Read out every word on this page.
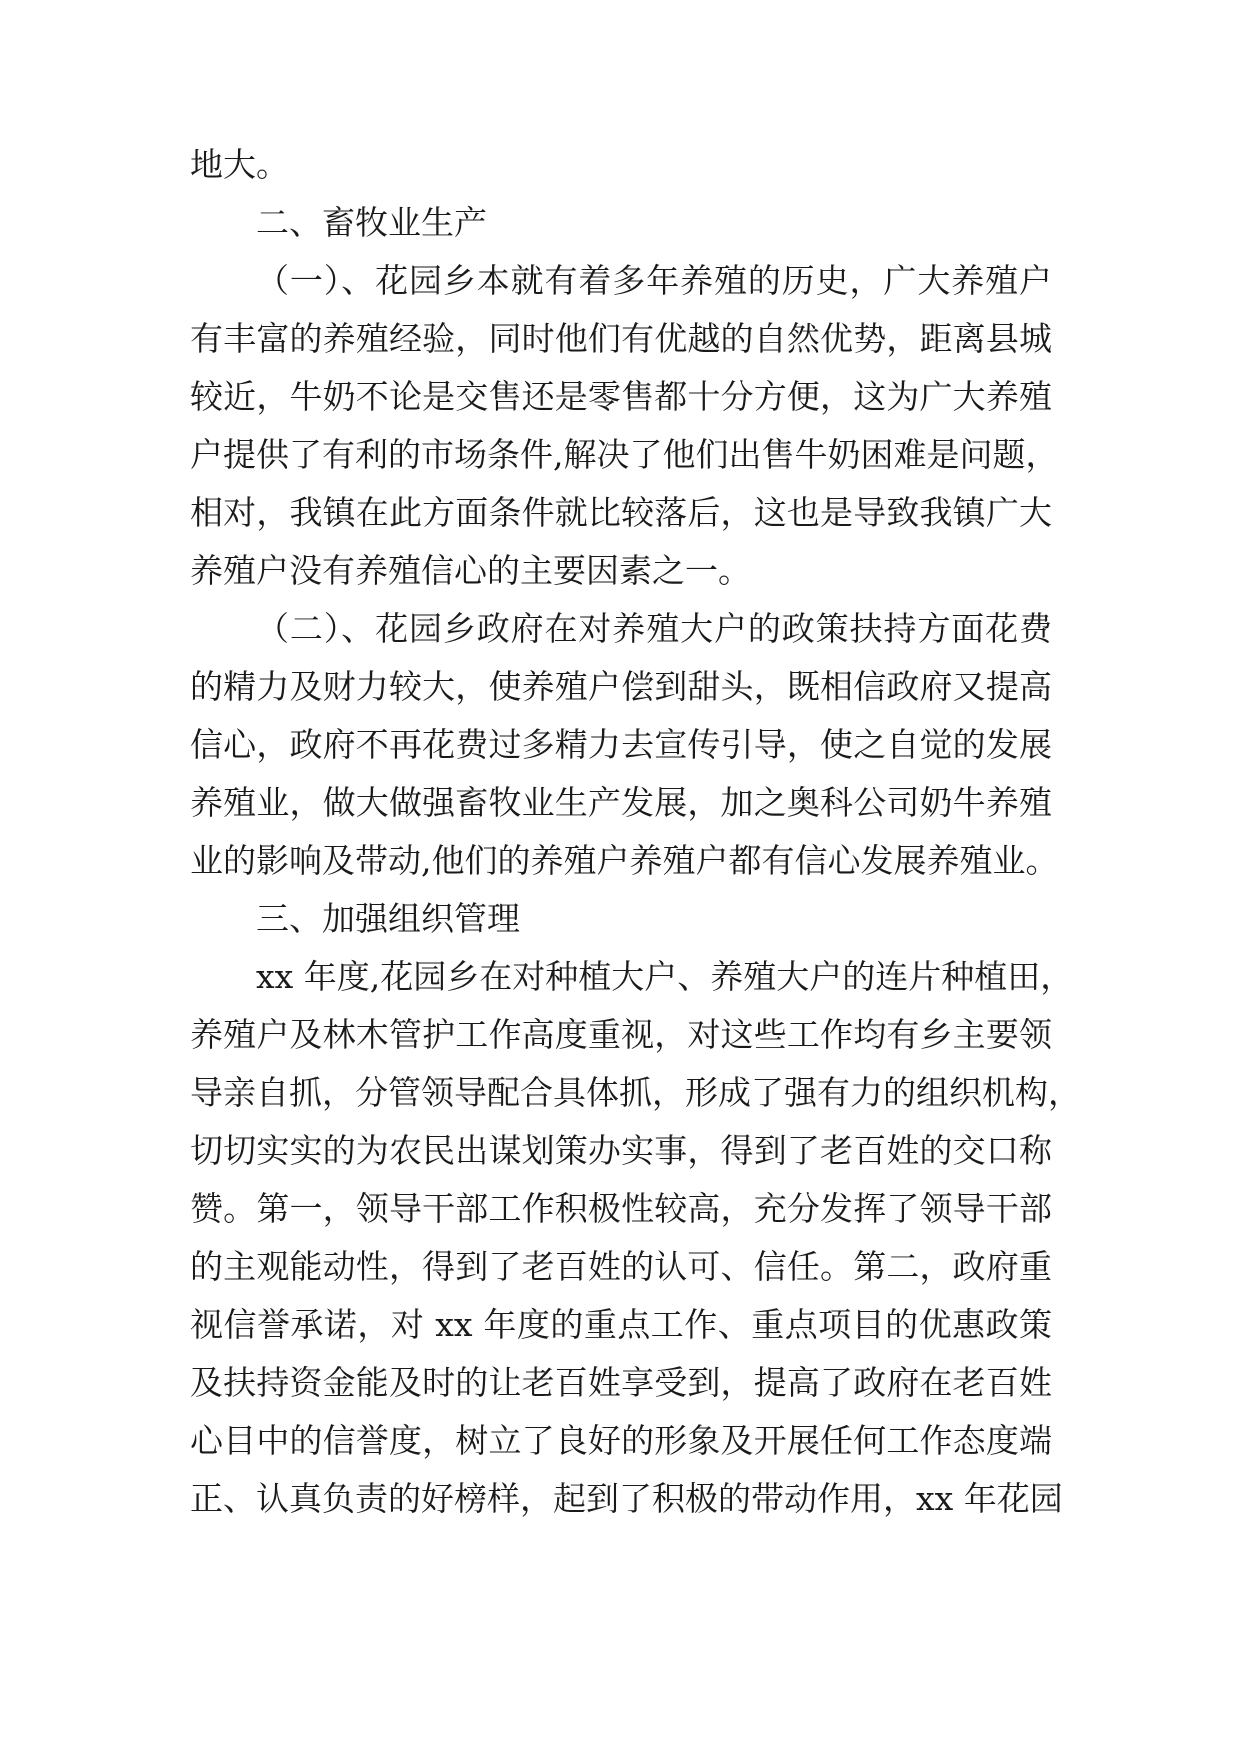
地大。
二、畜牧业生产
（一）、花园乡本就有着多年养殖的历史，广大养殖户
有丰富的养殖经验，同时他们有优越的自然优势，距离县城
较近，牛奶不论是交售还是零售都十分方便，这为广大养殖
户提供了有利的市场条件,解决了他们出售牛奶困难是问题，
相对，我镇在此方面条件就比较落后，这也是导致我镇广大
养殖户没有养殖信心的主要因素之一。
（二）、花园乡政府在对养殖大户的政策扶持方面花费
的精力及财力较大，使养殖户偿到甜头，既相信政府又提高
信心，政府不再花费过多精力去宣传引导，使之自觉的发展
养殖业，做大做强畜牧业生产发展，加之奥科公司奶牛养殖
业的影响及带动,他们的养殖户养殖户都有信心发展养殖业。
三、加强组织管理
xx 年度,花园乡在对种植大户、养殖大户的连片种植田，
养殖户及林木管护工作高度重视，对这些工作均有乡主要领
导亲自抓，分管领导配合具体抓，形成了强有力的组织机构，
切切实实的为农民出谋划策办实事，得到了老百姓的交口称
赞。第一，领导干部工作积极性较高，充分发挥了领导干部
的主观能动性，得到了老百姓的认可、信任。第二，政府重
视信誉承诺，对 xx 年度的重点工作、重点项目的优惠政策
及扶持资金能及时的让老百姓享受到，提高了政府在老百姓
心目中的信誉度，树立了良好的形象及开展任何工作态度端
正、认真负责的好榜样，起到了积极的带动作用，xx 年花园
